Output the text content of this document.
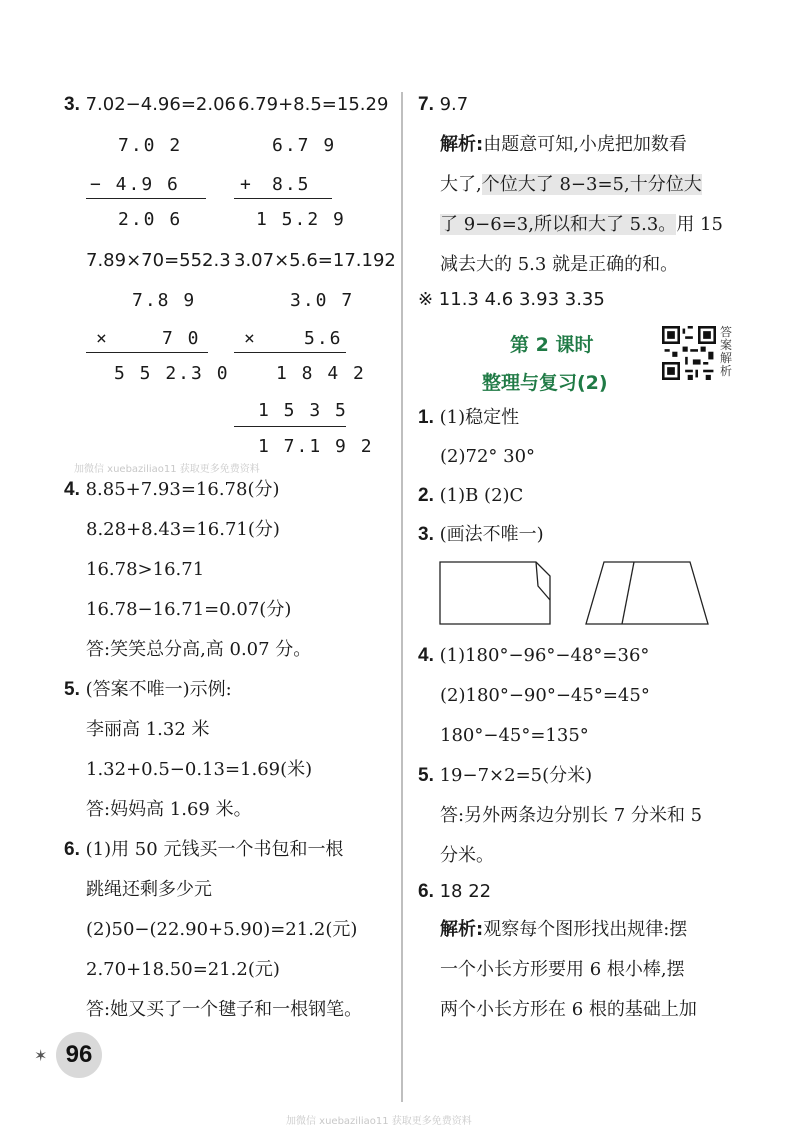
3. 7.02−4.96=2.06 6.79+8.5=15.29
7.0 2
− 4.9 6
2.0 6
6.7 9
+ 8.5
1 5.2 9
7.89×70=552.3 3.07×5.6=17.192
7.8 9
×	7 0
5 5 2.3 0
3.0 7
×	5.6
1 8 4 2
1 5 3 5
1 7.1 9 2
加微信 xuebaziliao11 获取更多免费资料
4. 8.85+7.93=16.78(分)
8.28+8.43=16.71(分)
16.78>16.71
16.78−16.71=0.07(分)
答:笑笑总分高,高 0.07 分。
5. (答案不唯一)示例:
李丽高 1.32 米
1.32+0.5−0.13=1.69(米)
答:妈妈高 1.69 米。
6. (1)用 50 元钱买一个书包和一根
跳绳还剩多少元
(2)50−(22.90+5.90)=21.2(元)
2.70+18.50=21.2(元)
答:她又买了一个毽子和一根钢笔。
7. 9.7
解析:由题意可知,小虎把加数看
大了,个位大了 8−3=5,十分位大
了 9−6=3,所以和大了 5.3。用 15
减去大的 5.3 就是正确的和。
※ 11.3 4.6 3.93 3.35
第 2 课时
整理与复习(2)
答案解析
1. (1)稳定性
(2)72° 30°
2. (1)B (2)C
3. (画法不唯一)
4. (1)180°−96°−48°=36°
(2)180°−90°−45°=45°
180°−45°=135°
5. 19−7×2=5(分米)
答:另外两条边分别长 7 分米和 5
分米。
6. 18 22
解析:观察每个图形找出规律:摆
一个小长方形要用 6 根小棒,摆
两个小长方形在 6 根的基础上加
✶ 96
加微信 xuebaziliao11 获取更多免费资料
